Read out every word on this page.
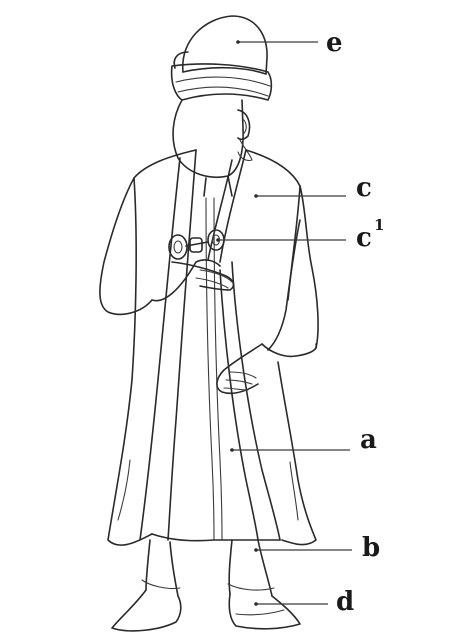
e
c
c 1
a
b
d
